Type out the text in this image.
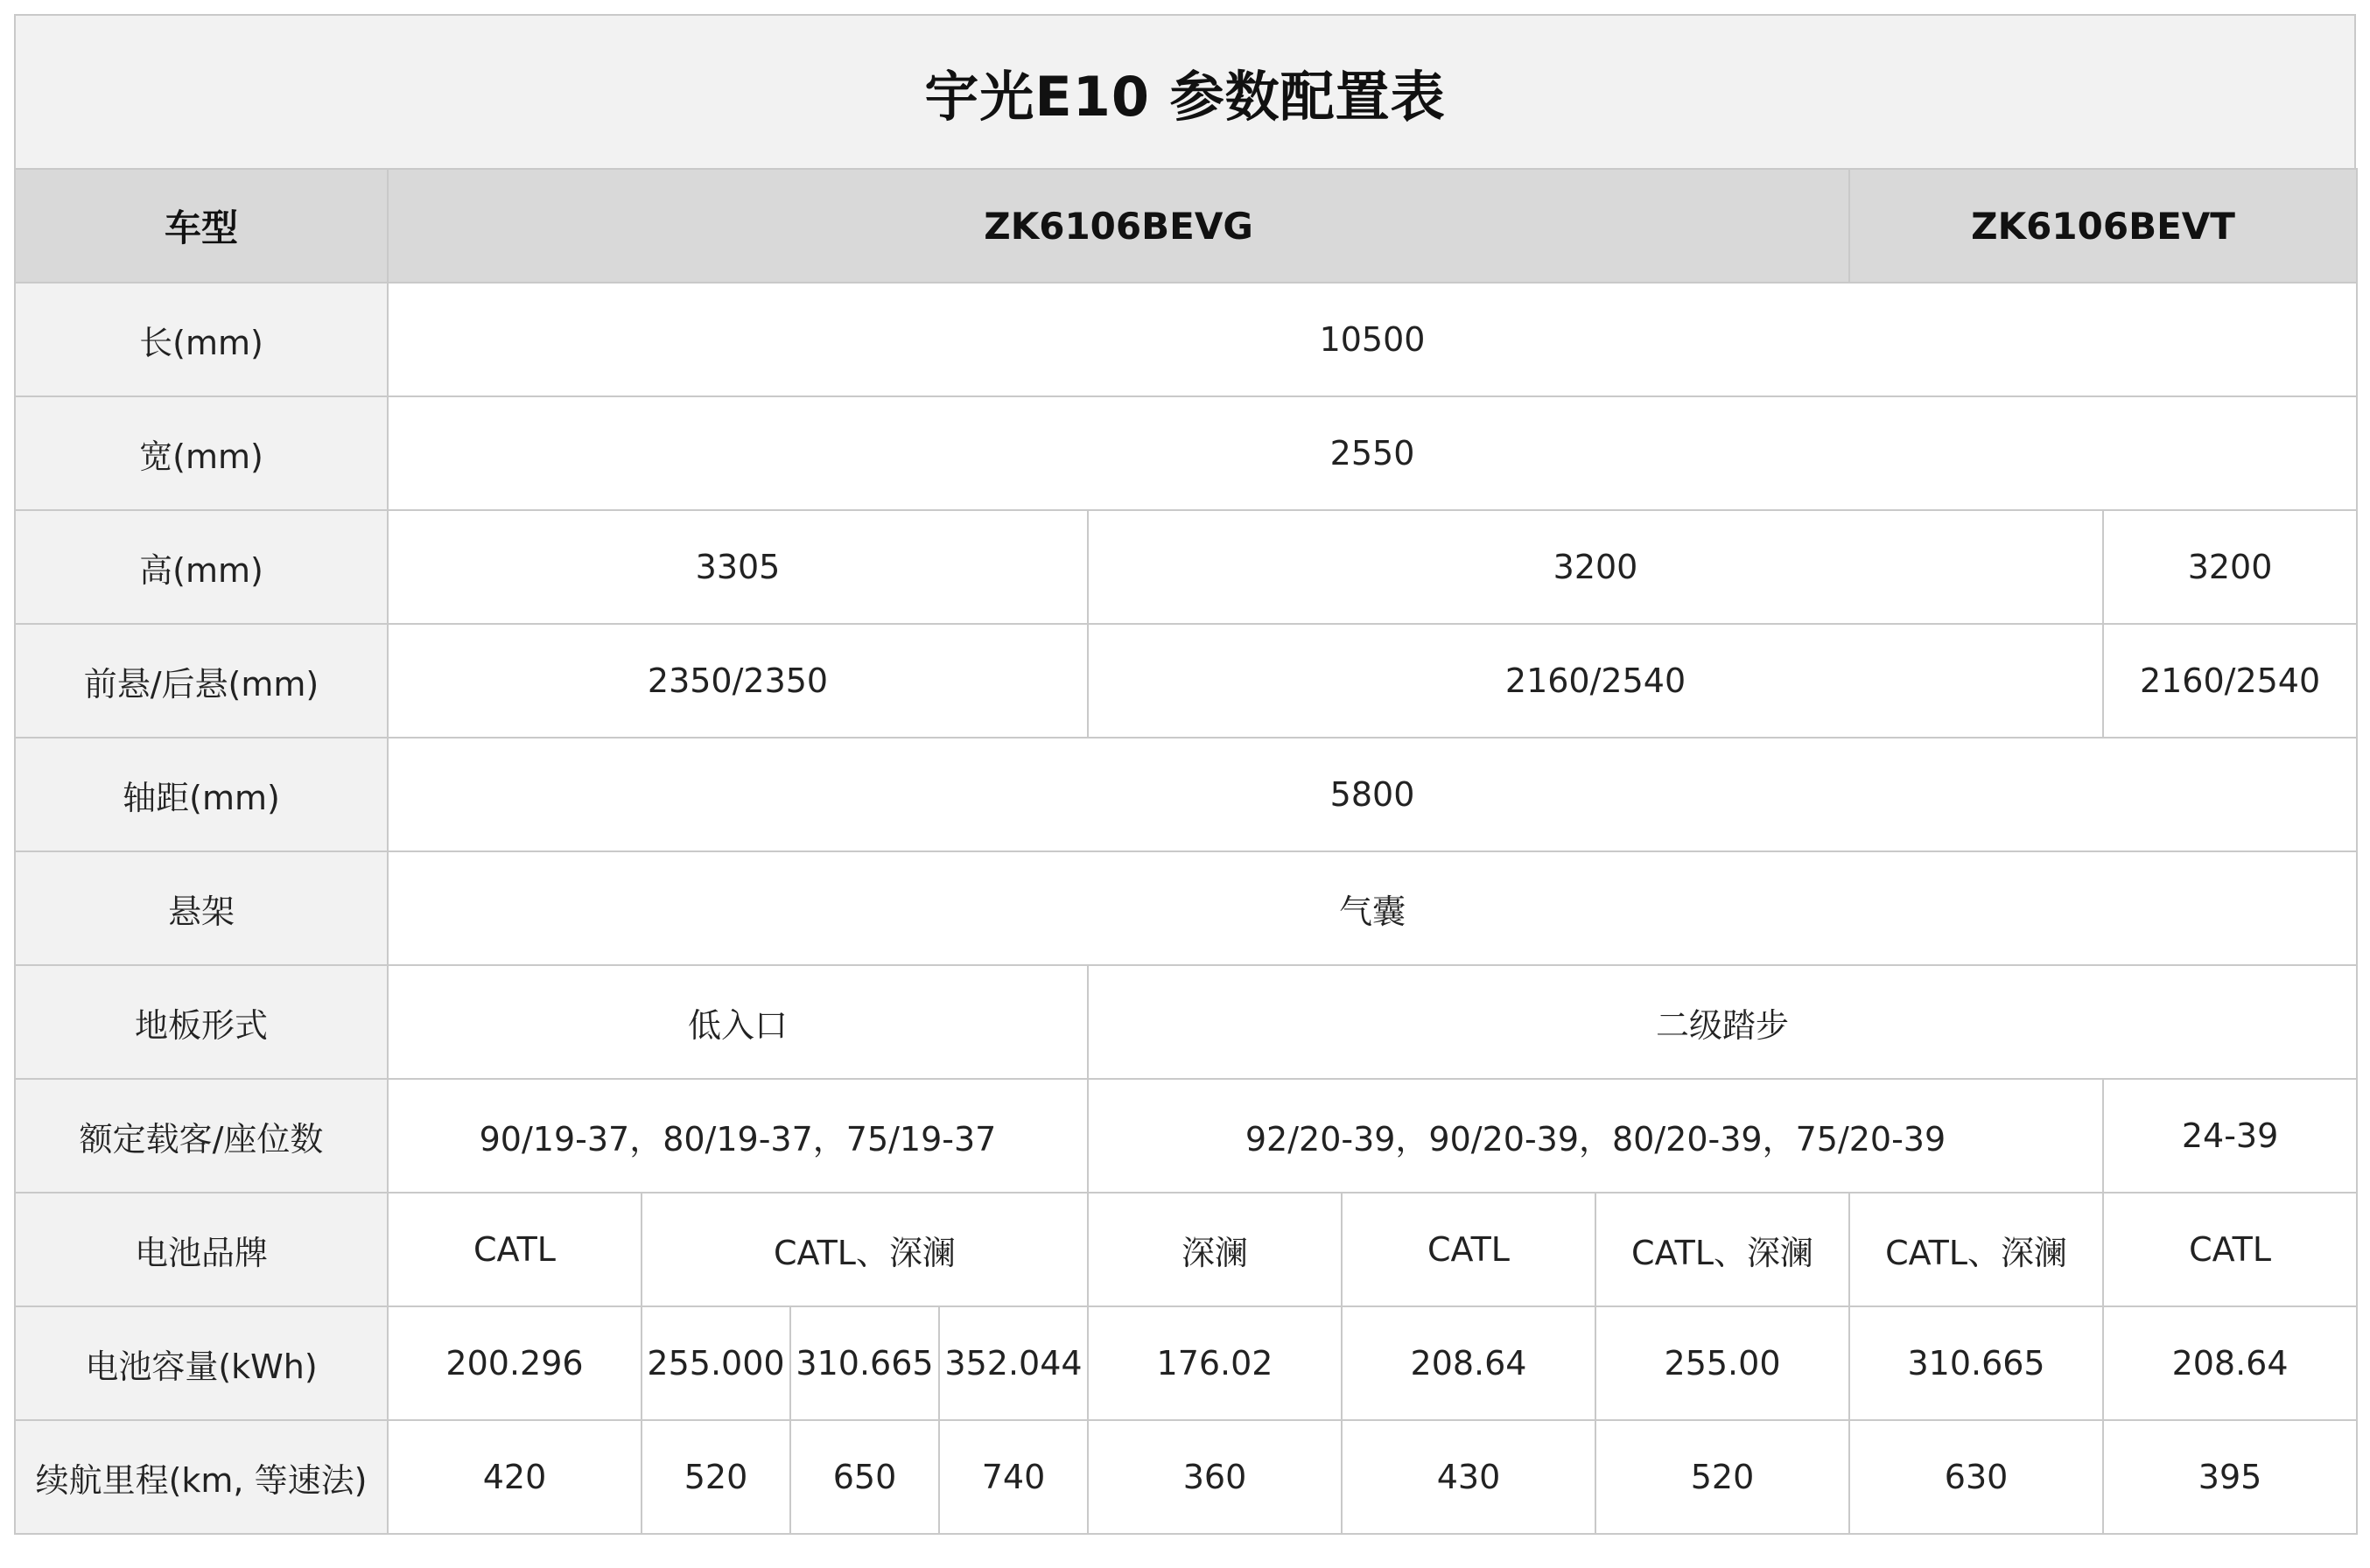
宇光E10 参数配置表
车型	ZK6106BEVG							ZK6106BEVT	
长(mm)	10500								
宽(mm)	2550								
高(mm)	3305				3200				3200
前悬/后悬(mm)	2350/2350				2160/2540				2160/2540
轴距(mm)	5800								
悬架	气囊								
地板形式	低入口				二级踏步				
额定载客/座位数	90/19-37，80/19-37，75/19-37				92/20-39，90/20-39，80/20-39，75/20-39				24-39
电池品牌	CATL	CATL、深澜			深澜	CATL	CATL、深澜	CATL、深澜	CATL
电池容量(kWh)	200.296	255.000	310.665	352.044	176.02	208.64	255.00	310.665	208.64
续航里程(km, 等速法)	420	520	650	740	360	430	520	630	395
